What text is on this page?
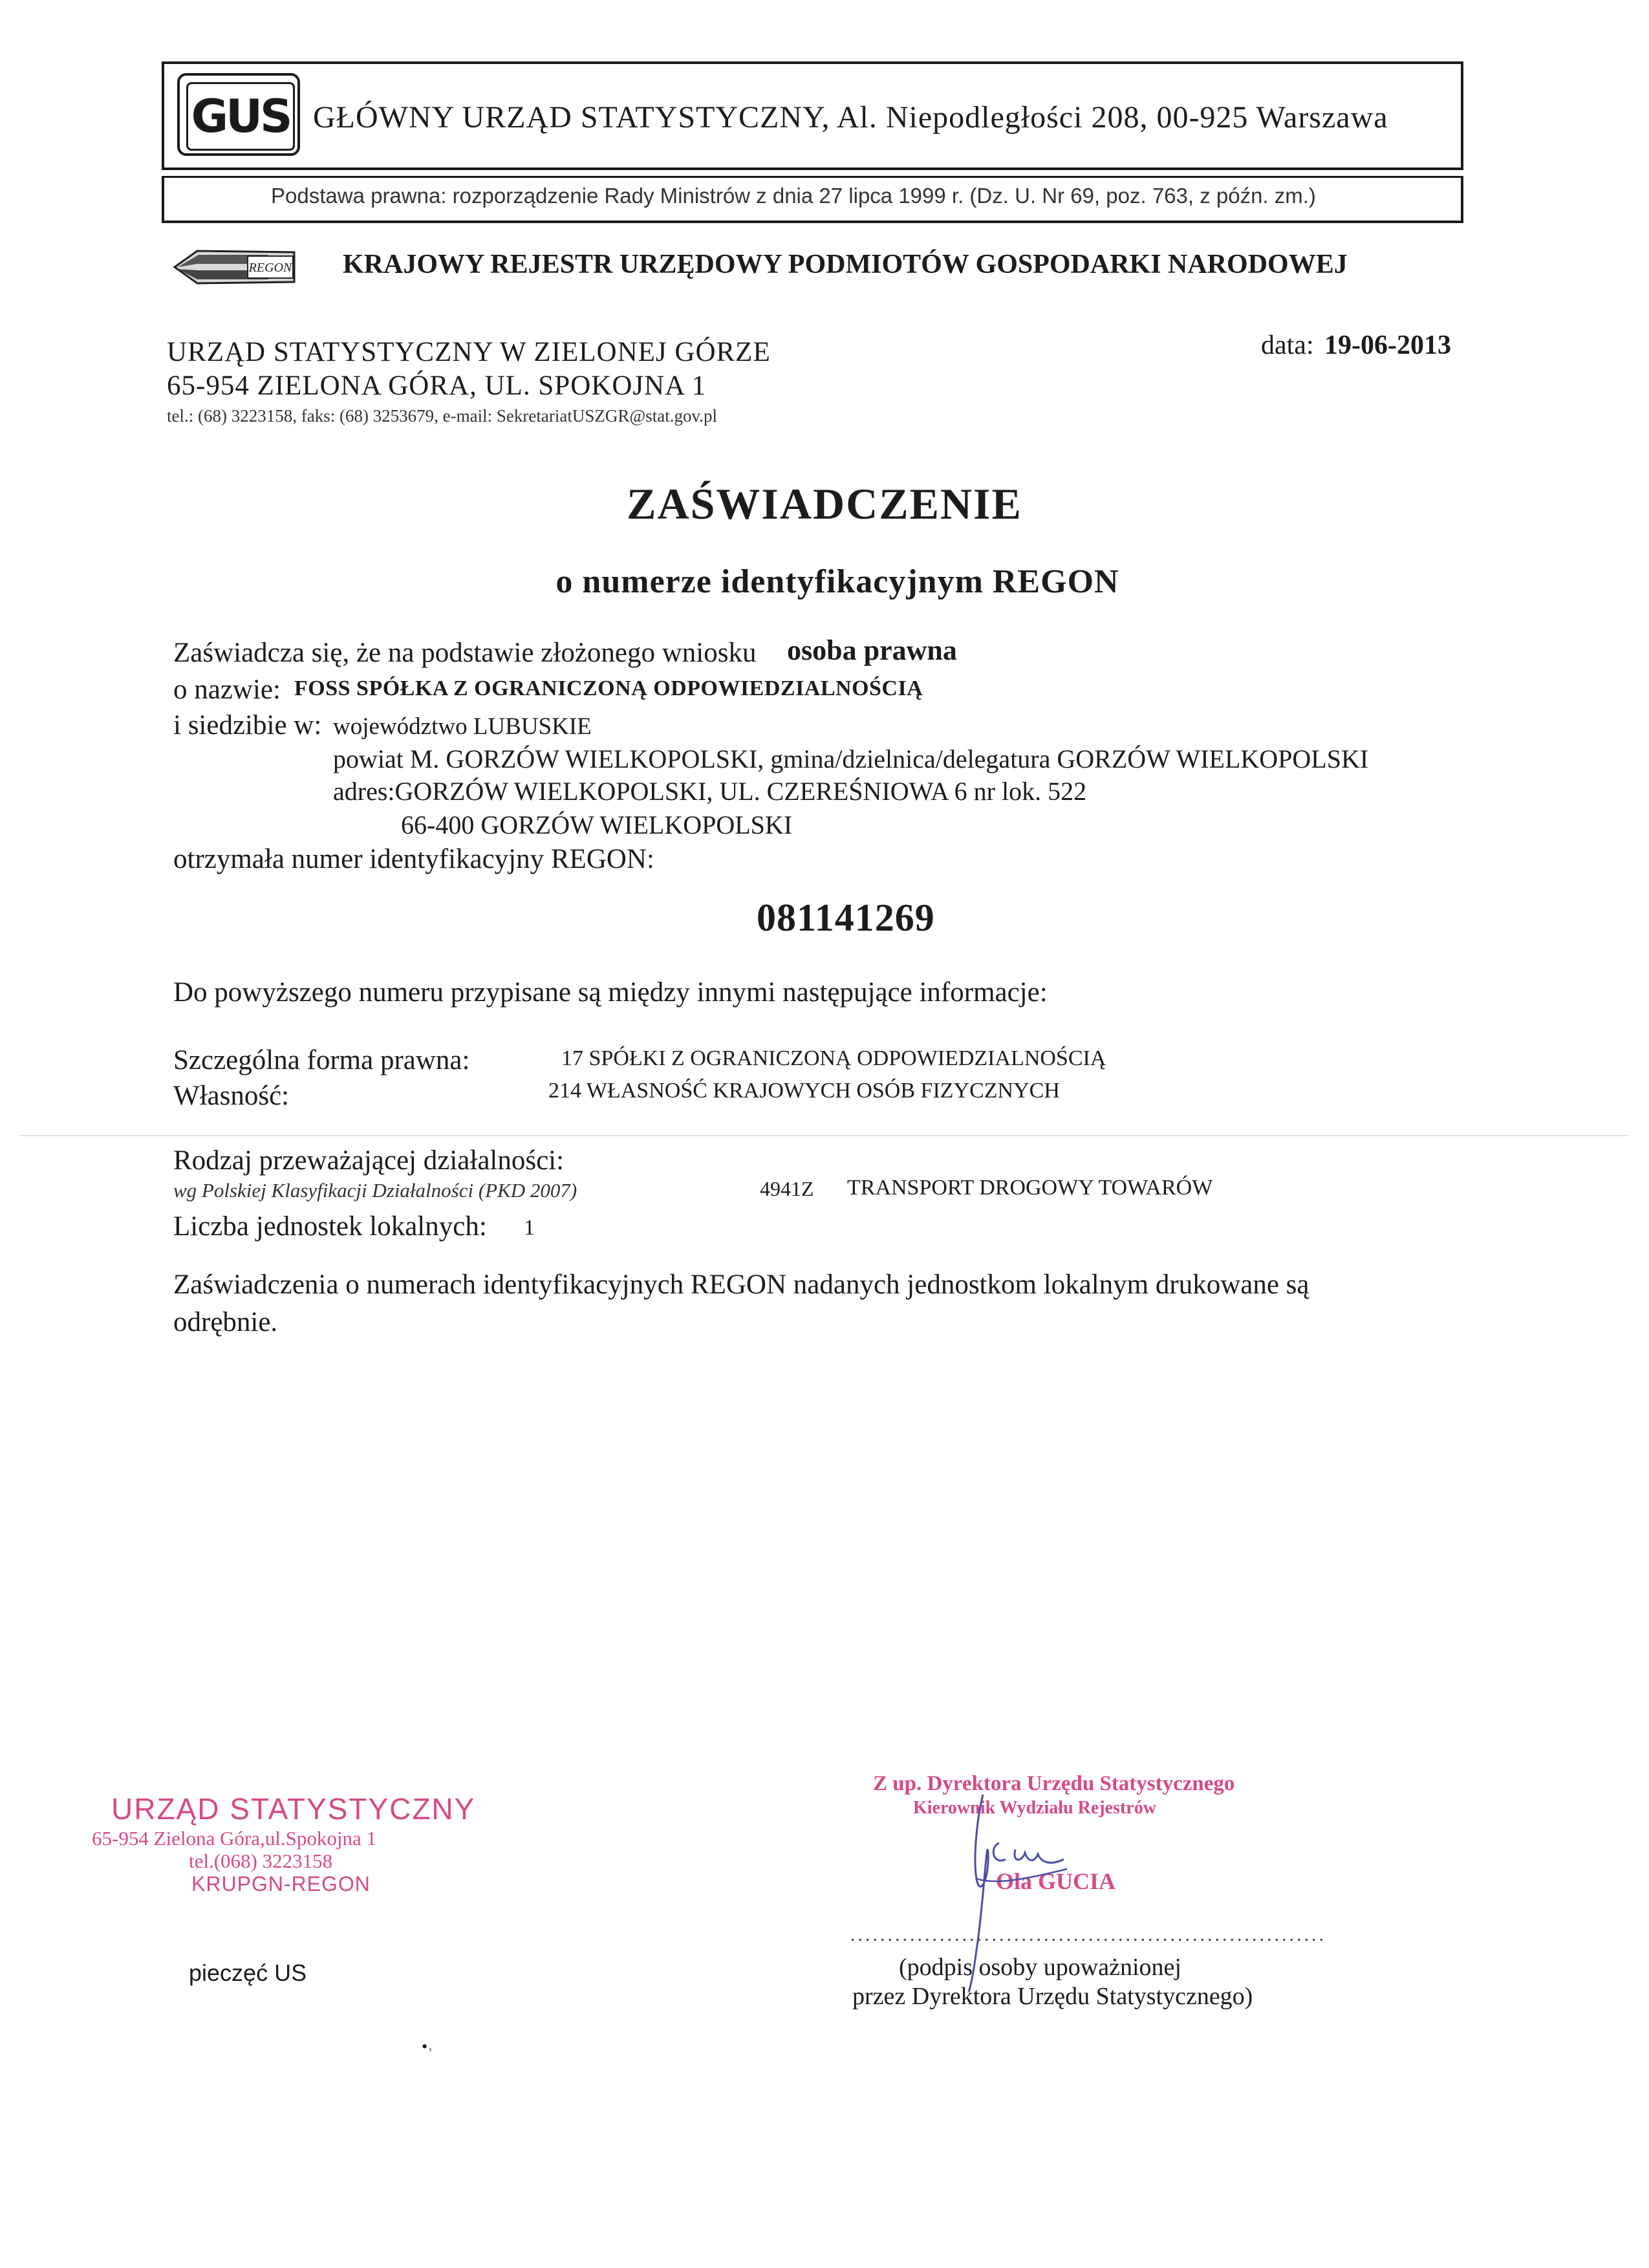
GUS GŁÓWNY URZĄD STATYSTYCZNY, Al. Niepodległości 208, 00-925 Warszawa
Podstawa prawna: rozporządzenie Rady Ministrów z dnia 27 lipca 1999 r. (Dz. U. Nr 69, poz. 763, z późn. zm.)
REGON KRAJOWY REJESTR URZĘDOWY PODMIOTÓW GOSPODARKI NARODOWEJ
URZĄD STATYSTYCZNY W ZIELONEJ GÓRZE
65-954 ZIELONA GÓRA, UL. SPOKOJNA 1
tel.: (68) 3223158, faks: (68) 3253679, e-mail: SekretariatUSZGR@stat.gov.pl
data: 19-06-2013
ZAŚWIADCZENIE
o numerze identyfikacyjnym REGON
Zaświadcza się, że na podstawie złożonego wniosku osoba prawna
o nazwie: FOSS SPÓŁKA Z OGRANICZONĄ ODPOWIEDZIALNOŚCIĄ
i siedzibie w: województwo LUBUSKIE
powiat M. GORZÓW WIELKOPOLSKI, gmina/dzielnica/delegatura GORZÓW WIELKOPOLSKI
adres:GORZÓW WIELKOPOLSKI, UL. CZEREŚNIOWA 6 nr lok. 522
66-400 GORZÓW WIELKOPOLSKI
otrzymała numer identyfikacyjny REGON:
081141269
Do powyższego numeru przypisane są między innymi następujące informacje:
Szczególna forma prawna:	17 SPÓŁKI Z OGRANICZONĄ ODPOWIEDZIALNOŚCIĄ
Własność:	214 WŁASNOŚĆ KRAJOWYCH OSÓB FIZYCZNYCH
Rodzaj przeważającej działalności:
wg Polskiej Klasyfikacji Działalności (PKD 2007)	4941Z TRANSPORT DROGOWY TOWARÓW
Liczba jednostek lokalnych: 1
Zaświadczenia o numerach identyfikacyjnych REGON nadanych jednostkom lokalnym drukowane są
odrębnie.
URZĄD STATYSTYCZNY
65-954 Zielona Góra,ul.Spokojna 1
tel.(068) 3223158
KRUPGN-REGON
pieczęć US
Z up. Dyrektora Urzędu Statystycznego
Kierownik Wydziału Rejestrów
Ola GUCIA
................................................................
(podpis osoby upoważnionej
przez Dyrektora Urzędu Statystycznego)
•˒
